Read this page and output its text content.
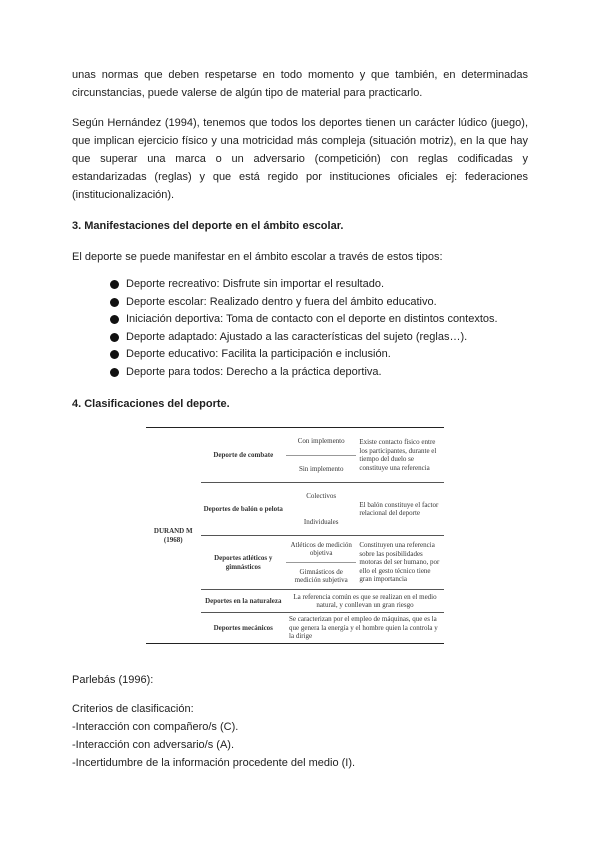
unas normas que deben respetarse en todo momento y que también, en determinadas circunstancias, puede valerse de algún tipo de material para practicarlo.

Según Hernández (1994), tenemos que todos los deportes tienen un carácter lúdico (juego), que implican ejercicio físico y una motricidad más compleja (situación motriz), en la que hay que superar una marca o un adversario (competición) con reglas codificadas y estandarizadas (reglas) y que está regido por instituciones oficiales ej: federaciones (institucionalización).

3. Manifestaciones del deporte en el ámbito escolar.

El deporte se puede manifestar en el ámbito escolar a través de estos tipos:

Deporte recreativo: Disfrute sin importar el resultado.
Deporte escolar: Realizado dentro y fuera del ámbito educativo.
Iniciación deportiva: Toma de contacto con el deporte en distintos contextos.
Deporte adaptado: Ajustado a las características del sujeto (reglas…).
Deporte educativo: Facilita la participación e inclusión.
Deporte para todos: Derecho a la práctica deportiva.

4. Clasificaciones del deporte.

DURAND M (1968)	Deporte de combate	Con implemento	Existe contacto físico entre los participantes, durante el tiempo del duelo se constituye una referencia
		Sin implemento	
	Deportes de balón o pelota	Colectivos	El balón constituye el factor relacional del deporte
		Individuales	
	Deportes atléticos y gimnásticos	Atléticos de medición objetiva	Constituyen una referencia sobre las posibilidades motoras del ser humano, por ello el gesto técnico tiene gran importancia
		Gimnásticos de medición subjetiva	
	Deportes en la naturaleza	La referencia común es que se realizan en el medio natural, y conllevan un gran riesgo	
	Deportes mecánicos	Se caracterizan por el empleo de máquinas, que es la que genera la energía y el hombre quien la controla y la dirige	

Parlebás (1996):

Criterios de clasificación:

-Interacción con compañero/s (C).

-Interacción con adversario/s (A).

-Incertidumbre de la información procedente del medio (I).
